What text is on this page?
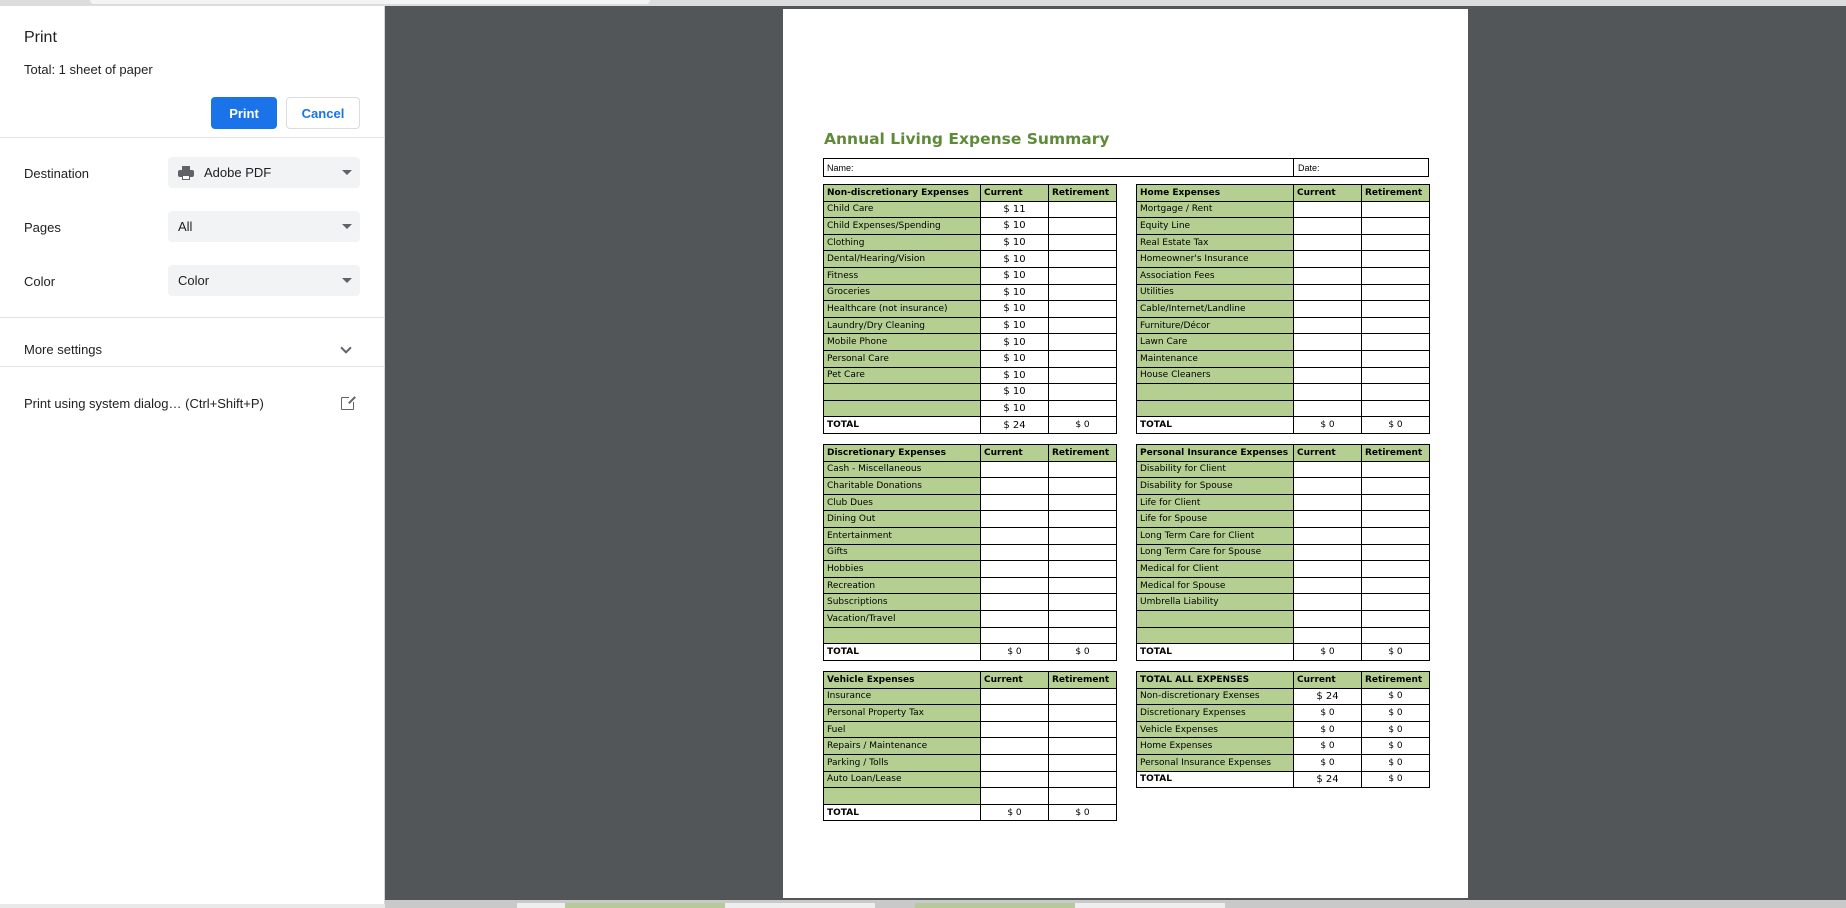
Print
Total: 1 sheet of paper
Print	Cancel
Destination	Adobe PDF
Pages	All
Color	Color
More settings
Print using system dialog… (Ctrl+Shift+P)
Annual Living Expense Summary
Name:	Date:
Non-discretionary Expenses	Current	Retirement
Child Care	$ 11	
Child Expenses/Spending	$ 10	
Clothing	$ 10	
Dental/Hearing/Vision	$ 10	
Fitness	$ 10	
Groceries	$ 10	
Healthcare (not insurance)	$ 10	
Laundry/Dry Cleaning	$ 10	
Mobile Phone	$ 10	
Personal Care	$ 10	
Pet Care	$ 10	
	$ 10	
	$ 10	
TOTAL	$ 24	$ 0
Home Expenses	Current	Retirement
Mortgage / Rent		
Equity Line		
Real Estate Tax		
Homeowner's Insurance		
Association Fees		
Utilities		
Cable/Internet/Landline		
Furniture/Décor		
Lawn Care		
Maintenance		
House Cleaners		

TOTAL	$ 0	$ 0
Discretionary Expenses	Current	Retirement
Cash - Miscellaneous		
Charitable Donations		
Club Dues		
Dining Out		
Entertainment		
Gifts		
Hobbies		
Recreation		
Subscriptions		
Vacation/Travel		

TOTAL	$ 0	$ 0
Personal Insurance Expenses	Current	Retirement
Disability for Client		
Disability for Spouse		
Life for Client		
Life for Spouse		
Long Term Care for Client		
Long Term Care for Spouse		
Medical for Client		
Medical for Spouse		
Umbrella Liability		

TOTAL	$ 0	$ 0
Vehicle Expenses	Current	Retirement
Insurance		
Personal Property Tax		
Fuel		
Repairs / Maintenance		
Parking / Tolls		
Auto Loan/Lease		

TOTAL	$ 0	$ 0
TOTAL ALL EXPENSES	Current	Retirement
Non-discretionary Exenses	$ 24	$ 0
Discretionary Expenses	$ 0	$ 0
Vehicle Expenses	$ 0	$ 0
Home Expenses	$ 0	$ 0
Personal Insurance Expenses	$ 0	$ 0
TOTAL	$ 24	$ 0
